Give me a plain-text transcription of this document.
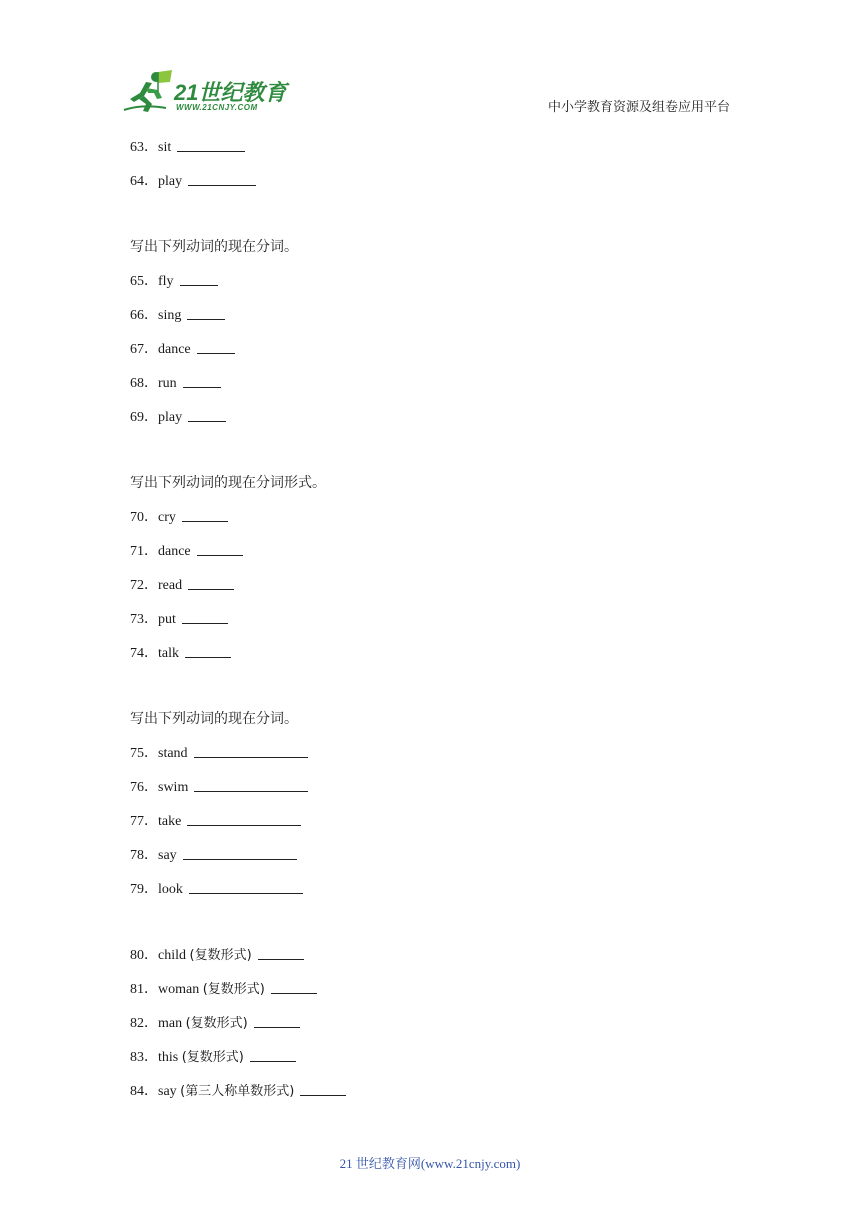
21世纪教育
WWW.21CNJY.COM	中小学教育资源及组卷应用平台
63．sit
64．play
写出下列动词的现在分词。
65．fly
66．sing
67．dance
68．run
69．play
写出下列动词的现在分词形式。
70．cry
71．dance
72．read
73．put
74．talk
写出下列动词的现在分词。
75．stand
76．swim
77．take
78．say
79．look
80．child (复数形式)
81．woman (复数形式)
82．man (复数形式)
83．this (复数形式)
84．say (第三人称单数形式)
21 世纪教育网(www.21cnjy.com)
